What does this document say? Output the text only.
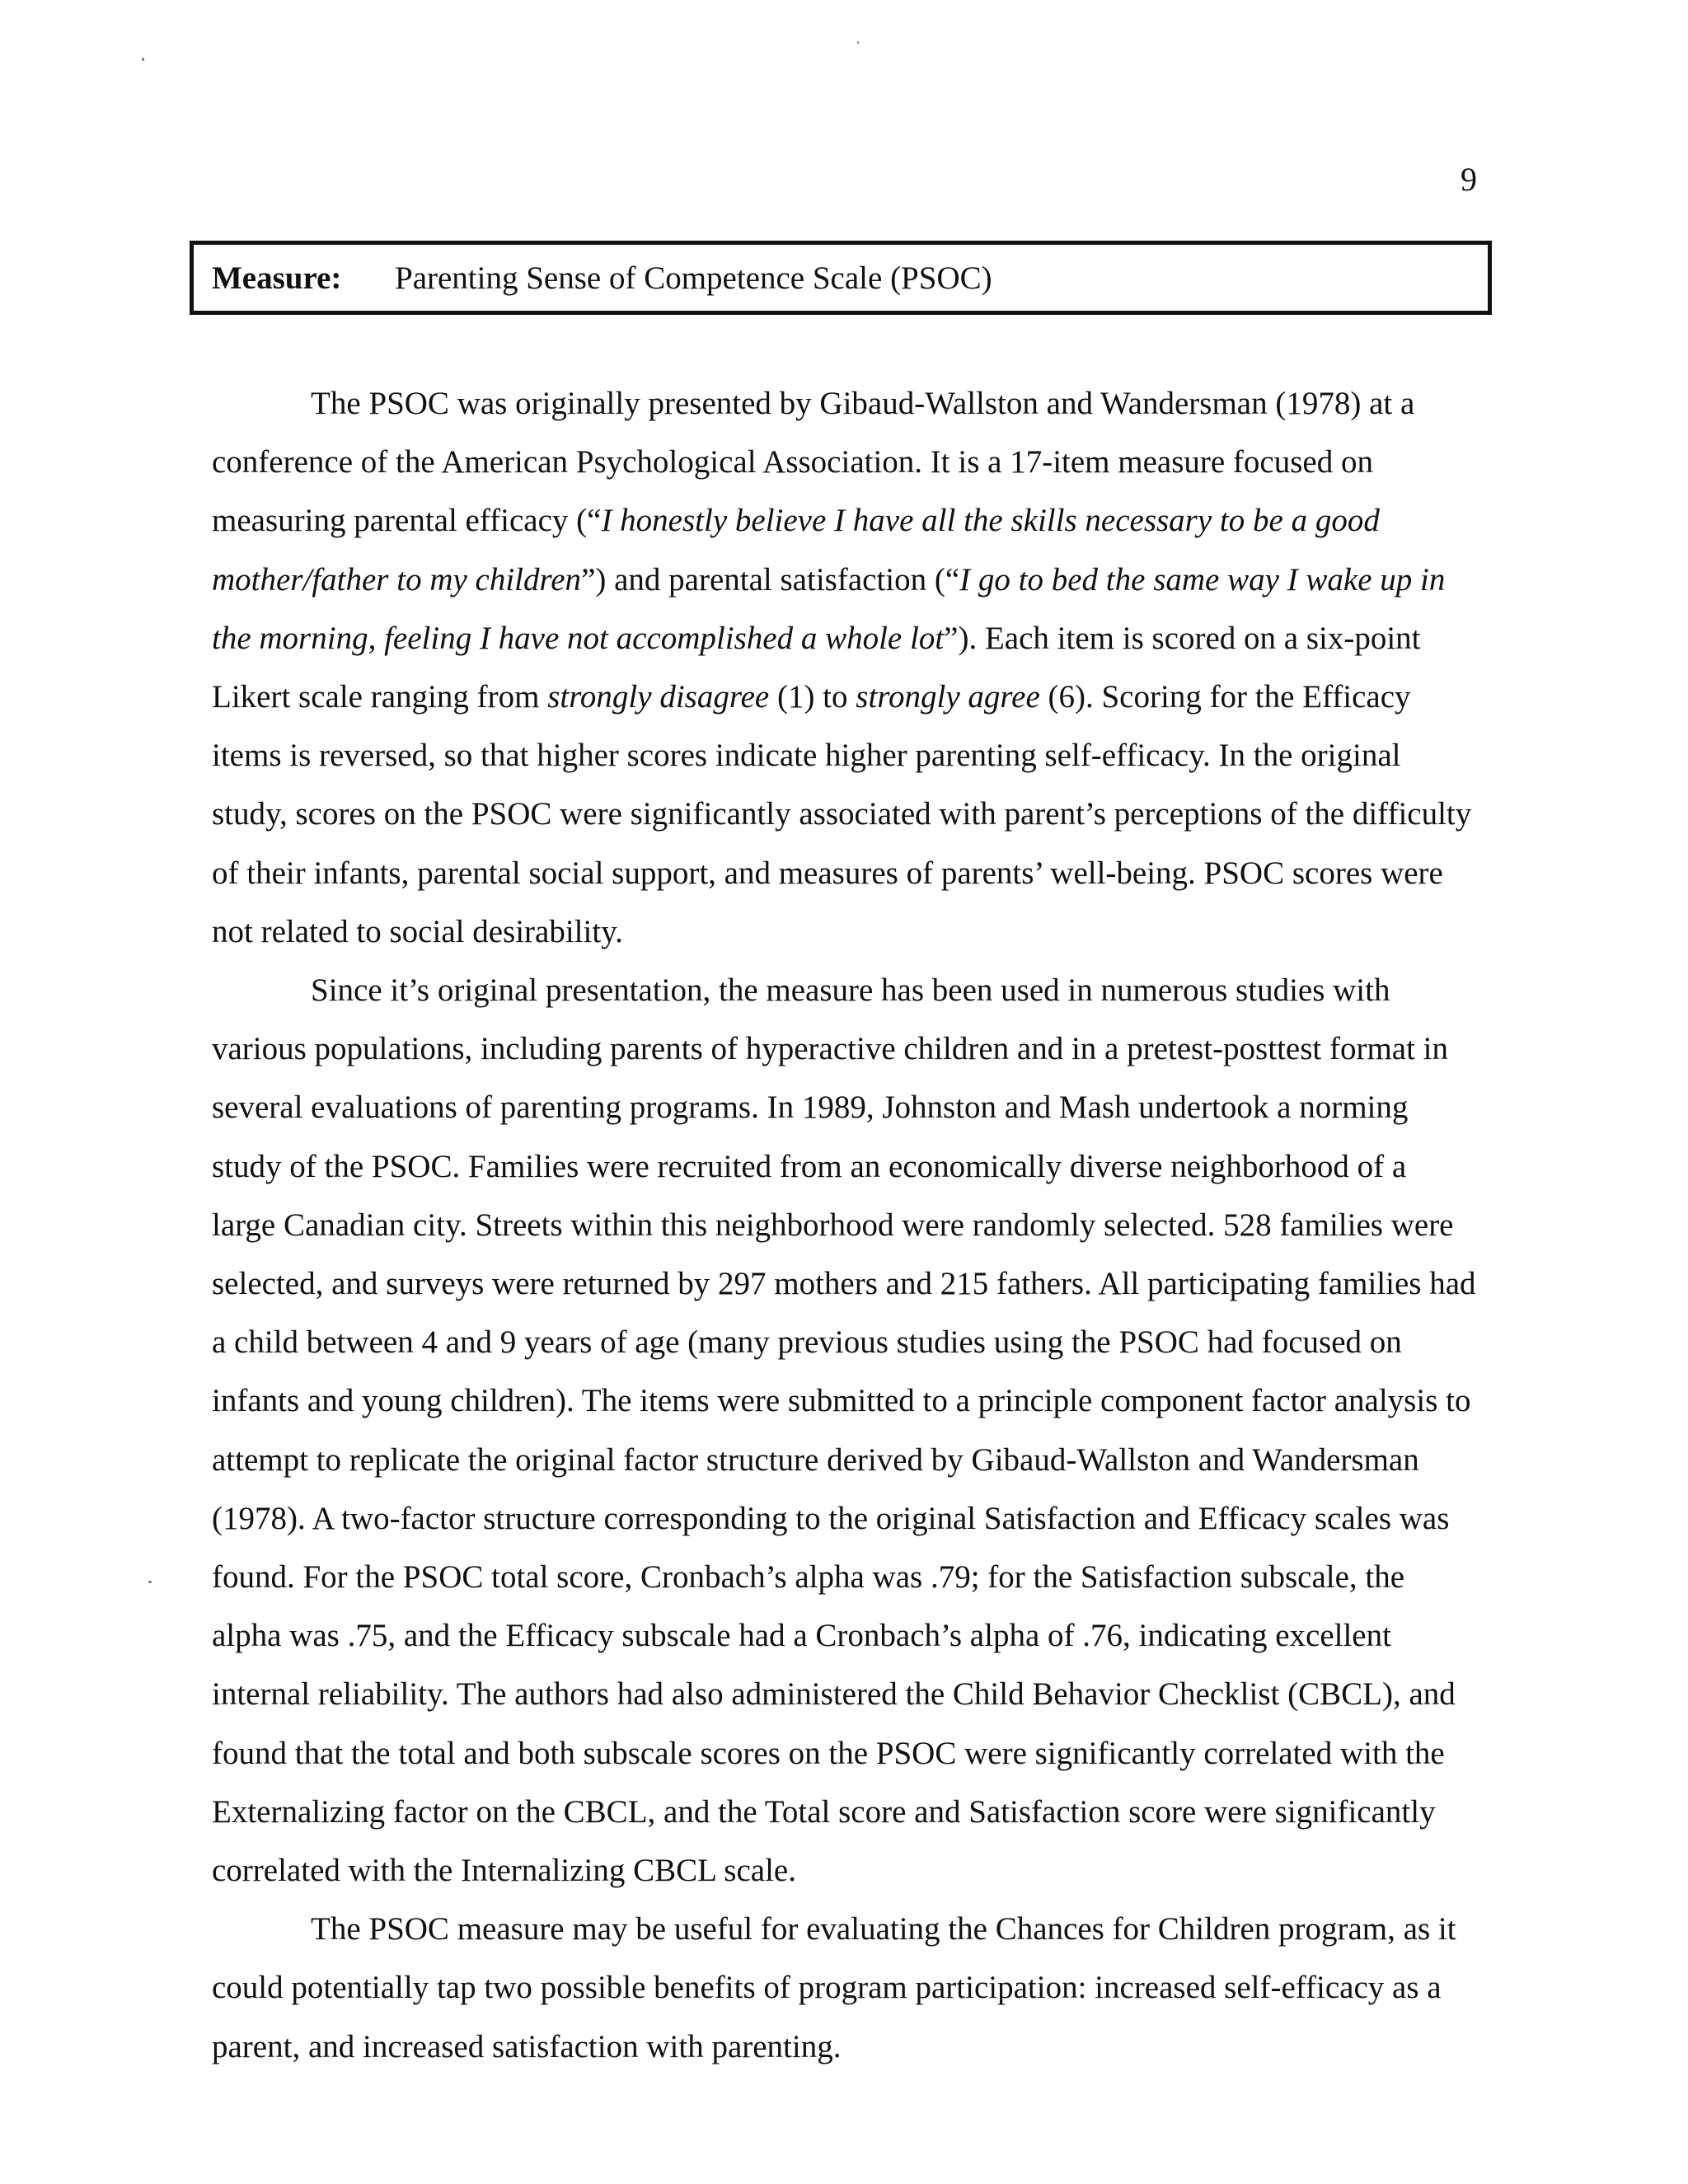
9
Measure:	Parenting Sense of Competence Scale (PSOC)

The PSOC was originally presented by Gibaud-Wallston and Wandersman (1978) at a conference of the American Psychological Association. It is a 17-item measure focused on measuring parental efficacy (“I honestly believe I have all the skills necessary to be a good mother/father to my children”) and parental satisfaction (“I go to bed the same way I wake up in the morning, feeling I have not accomplished a whole lot”). Each item is scored on a six-point Likert scale ranging from strongly disagree (1) to strongly agree (6). Scoring for the Efficacy items is reversed, so that higher scores indicate higher parenting self-efficacy. In the original study, scores on the PSOC were significantly associated with parent’s perceptions of the difficulty of their infants, parental social support, and measures of parents’ well-being. PSOC scores were not related to social desirability.

Since it’s original presentation, the measure has been used in numerous studies with various populations, including parents of hyperactive children and in a pretest-posttest format in several evaluations of parenting programs. In 1989, Johnston and Mash undertook a norming study of the PSOC. Families were recruited from an economically diverse neighborhood of a large Canadian city. Streets within this neighborhood were randomly selected. 528 families were selected, and surveys were returned by 297 mothers and 215 fathers. All participating families had a child between 4 and 9 years of age (many previous studies using the PSOC had focused on infants and young children). The items were submitted to a principle component factor analysis to attempt to replicate the original factor structure derived by Gibaud-Wallston and Wandersman (1978). A two-factor structure corresponding to the original Satisfaction and Efficacy scales was found. For the PSOC total score, Cronbach’s alpha was .79; for the Satisfaction subscale, the alpha was .75, and the Efficacy subscale had a Cronbach’s alpha of .76, indicating excellent internal reliability. The authors had also administered the Child Behavior Checklist (CBCL), and found that the total and both subscale scores on the PSOC were significantly correlated with the Externalizing factor on the CBCL, and the Total score and Satisfaction score were significantly correlated with the Internalizing CBCL scale.

The PSOC measure may be useful for evaluating the Chances for Children program, as it could potentially tap two possible benefits of program participation: increased self-efficacy as a parent, and increased satisfaction with parenting.
